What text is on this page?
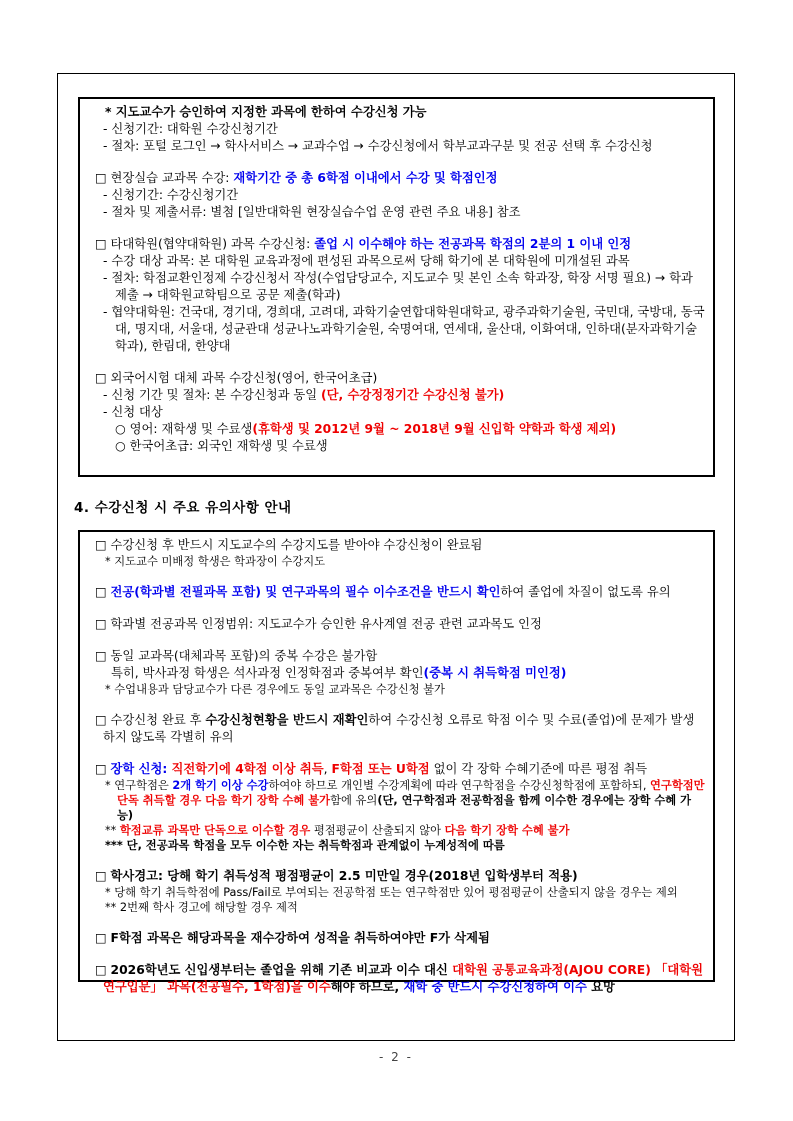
* 지도교수가 승인하여 지정한 과목에 한하여 수강신청 가능
- 신청기간: 대학원 수강신청기간
- 절차: 포털 로그인 → 학사서비스 → 교과수업 → 수강신청에서 학부교과구분 및 전공 선택 후 수강신청
□ 현장실습 교과목 수강: 재학기간 중 총 6학점 이내에서 수강 및 학점인정
- 신청기간: 수강신청기간
- 절차 및 제출서류: 별첨 [일반대학원 현장실습수업 운영 관련 주요 내용] 참조
□ 타대학원(협약대학원) 과목 수강신청: 졸업 시 이수해야 하는 전공과목 학점의 2분의 1 이내 인정
- 수강 대상 과목: 본 대학원 교육과정에 편성된 과목으로써 당해 학기에 본 대학원에 미개설된 과목
- 절차: 학점교환인정제 수강신청서 작성(수업담당교수, 지도교수 및 본인 소속 학과장, 학장 서명 필요) → 학과 제출 → 대학원교학팀으로 공문 제출(학과)
- 협약대학원: 건국대, 경기대, 경희대, 고려대, 과학기술연합대학원대학교, 광주과학기술원, 국민대, 국방대, 동국대, 명지대, 서울대, 성균관대 성균나노과학기술원, 숙명여대, 연세대, 울산대, 이화여대, 인하대(분자과학기술학과), 한림대, 한양대
□ 외국어시험 대체 과목 수강신청(영어, 한국어초급)
- 신청 기간 및 절차: 본 수강신청과 동일 (단, 수강정정기간 수강신청 불가)
- 신청 대상
○ 영어: 재학생 및 수료생(휴학생 및 2012년 9월 ~ 2018년 9월 신입학 약학과 학생 제외)
○ 한국어초급: 외국인 재학생 및 수료생
4. 수강신청 시 주요 유의사항 안내
□ 수강신청 후 반드시 지도교수의 수강지도를 받아야 수강신청이 완료됨
* 지도교수 미배정 학생은 학과장이 수강지도
□ 전공(학과별 전필과목 포함) 및 연구과목의 필수 이수조건을 반드시 확인하여 졸업에 차질이 없도록 유의
□ 학과별 전공과목 인정범위: 지도교수가 승인한 유사계열 전공 관련 교과목도 인정
□ 동일 교과목(대체과목 포함)의 중복 수강은 불가함
특히, 박사과정 학생은 석사과정 인정학점과 중복여부 확인(중복 시 취득학점 미인정)
* 수업내용과 담당교수가 다른 경우에도 동일 교과목은 수강신청 불가
□ 수강신청 완료 후 수강신청현황을 반드시 재확인하여 수강신청 오류로 학점 이수 및 수료(졸업)에 문제가 발생하지 않도록 각별히 유의
□ 장학 신청: 직전학기에 4학점 이상 취득, F학점 또는 U학점 없이 각 장학 수혜기준에 따른 평점 취득
* 연구학점은 2개 학기 이상 수강하여야 하므로 개인별 수강계획에 따라 연구학점을 수강신청학점에 포함하되, 연구학점만 단독 취득할 경우 다음 학기 장학 수혜 불가함에 유의(단, 연구학점과 전공학점을 함께 이수한 경우에는 장학 수혜 가능)
** 학점교류 과목만 단독으로 이수할 경우 평점평균이 산출되지 않아 다음 학기 장학 수혜 불가
*** 단, 전공과목 학점을 모두 이수한 자는 취득학점과 관계없이 누계성적에 따름
□ 학사경고: 당해 학기 취득성적 평점평균이 2.5 미만일 경우(2018년 입학생부터 적용)
* 당해 학기 취득학점에 Pass/Fail로 부여되는 전공학점 또는 연구학점만 있어 평점평균이 산출되지 않을 경우는 제외
** 2번째 학사 경고에 해당할 경우 제적
□ F학점 과목은 해당과목을 재수강하여 성적을 취득하여야만 F가 삭제됨
□ 2026학년도 신입생부터는 졸업을 위해 기존 비교과 이수 대신 대학원 공통교육과정(AJOU CORE) 「대학원연구입문」 과목(전공필수, 1학점)을 이수해야 하므로, 재학 중 반드시 수강신청하여 이수 요망
- 2 -
